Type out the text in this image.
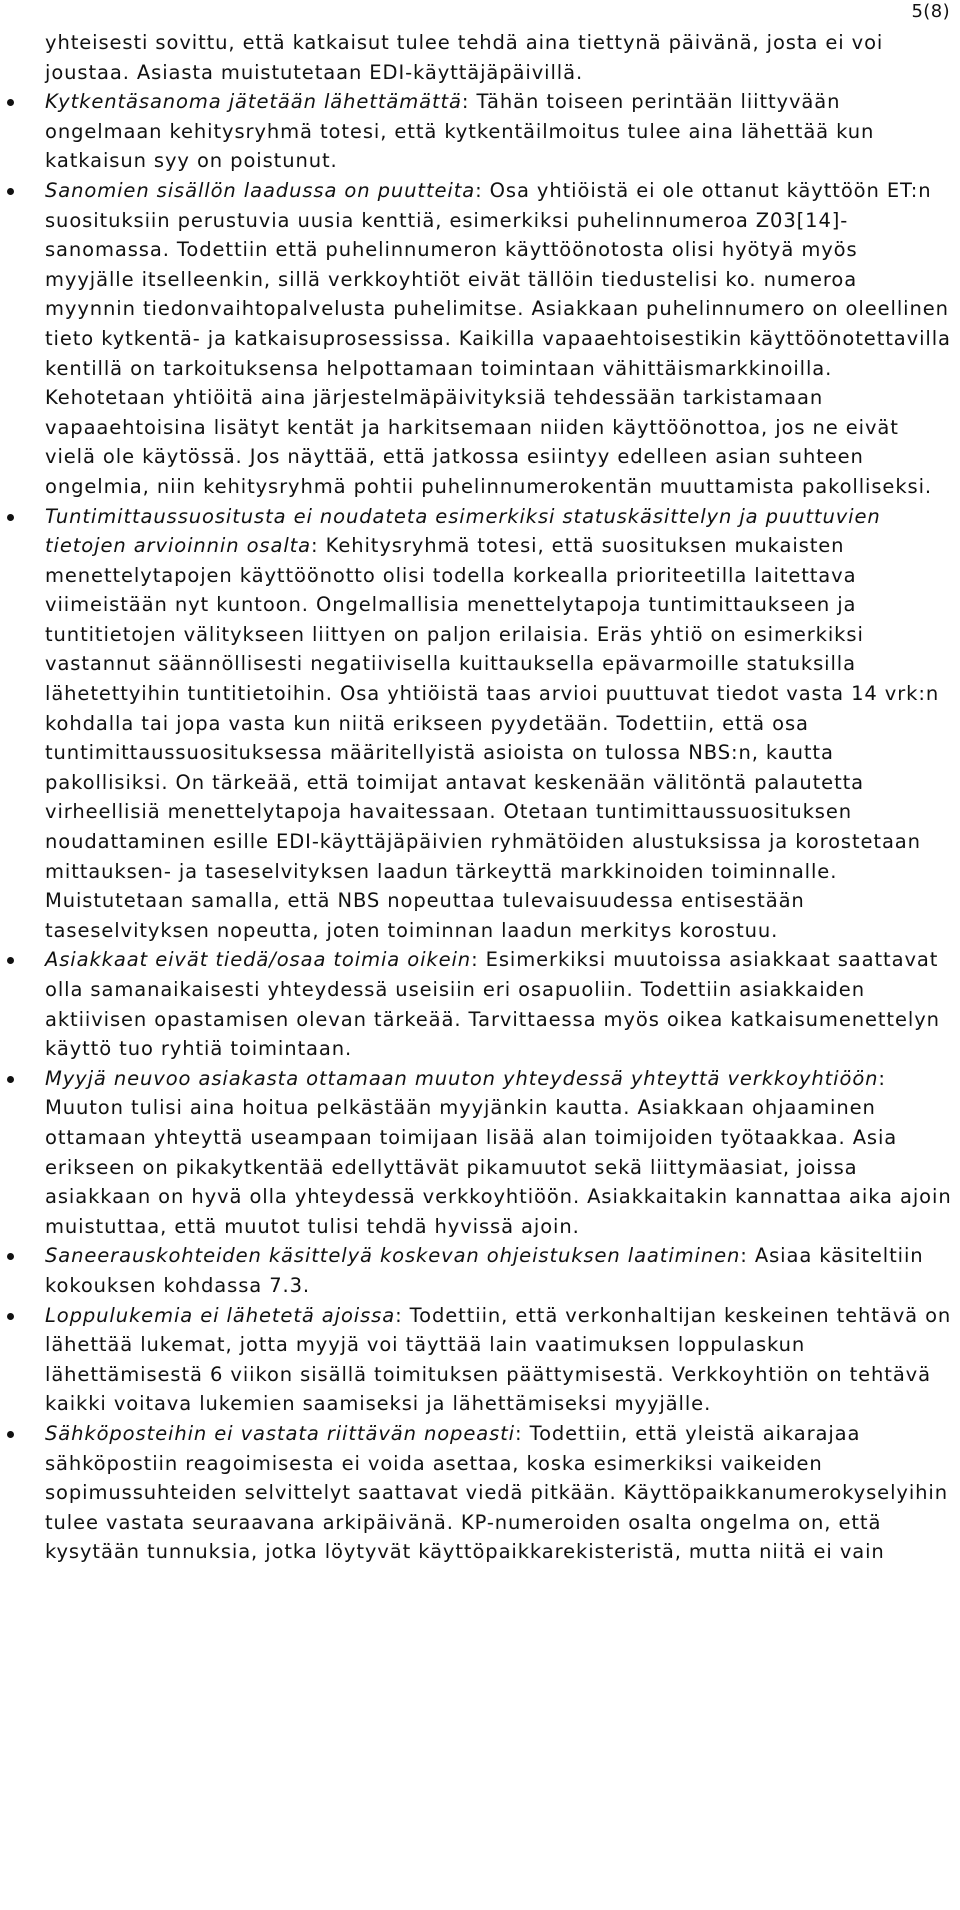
5(8)

yhteisesti sovittu, että katkaisut tulee tehdä aina tiettynä päivänä, josta ei voi joustaa. Asiasta muistutetaan EDI-käyttäjäpäivillä.

Kytkentäsanoma jätetään lähettämättä: Tähän toiseen perintään liittyvään ongelmaan kehitysryhmä totesi, että kytkentäilmoitus tulee aina lähettää kun katkaisun syy on poistunut.
Sanomien sisällön laadussa on puutteita: Osa yhtiöistä ei ole ottanut käyttöön ET:n suosituksiin perustuvia uusia kenttiä, esimerkiksi puhelinnumeroa Z03[14]-sanomassa. Todettiin että puhelinnumeron käyttöönotosta olisi hyötyä myös myyjälle itselleenkin, sillä verkkoyhtiöt eivät tällöin tiedustelisi ko. numeroa myynnin tiedonvaihtopalvelusta puhelimitse. Asiakkaan puhelinnumero on oleellinen tieto kytkentä- ja katkaisuprosessissa. Kaikilla vapaaehtoisestikin käyttöönotettavilla kentillä on tarkoituksensa helpottamaan toimintaan vähittäismarkkinoilla. Kehotetaan yhtiöitä aina järjestelmäpäivityksiä tehdessään tarkistamaan vapaaehtoisina lisätyt kentät ja harkitsemaan niiden käyttöönottoa, jos ne eivät vielä ole käytössä. Jos näyttää, että jatkossa esiintyy edelleen asian suhteen ongelmia, niin kehitysryhmä pohtii puhelinnumerokentän muuttamista pakolliseksi.
Tuntimittaussuositusta ei noudateta esimerkiksi statuskäsittelyn ja puuttuvien tietojen arvioinnin osalta: Kehitysryhmä totesi, että suosituksen mukaisten menettelytapojen käyttöönotto olisi todella korkealla prioriteetilla laitettava viimeistään nyt kuntoon. Ongelmallisia menettelytapoja tuntimittaukseen ja tuntitietojen välitykseen liittyen on paljon erilaisia. Eräs yhtiö on esimerkiksi vastannut säännöllisesti negatiivisella kuittauksella epävarmoille statuksilla lähetettyihin tuntitietoihin. Osa yhtiöistä taas arvioi puuttuvat tiedot vasta 14 vrk:n kohdalla tai jopa vasta kun niitä erikseen pyydetään. Todettiin, että osa tuntimittaussuosituksessa määritellyistä asioista on tulossa NBS:n, kautta pakollisiksi. On tärkeää, että toimijat antavat keskenään välitöntä palautetta virheellisiä menettelytapoja havaitessaan. Otetaan tuntimittaussuosituksen noudattaminen esille EDI-käyttäjäpäivien ryhmätöiden alustuksissa ja korostetaan mittauksen- ja taseselvityksen laadun tärkeyttä markkinoiden toiminnalle. Muistutetaan samalla, että NBS nopeuttaa tulevaisuudessa entisestään taseselvityksen nopeutta, joten toiminnan laadun merkitys korostuu.
Asiakkaat eivät tiedä/osaa toimia oikein: Esimerkiksi muutoissa asiakkaat saattavat olla samanaikaisesti yhteydessä useisiin eri osapuoliin. Todettiin asiakkaiden aktiivisen opastamisen olevan tärkeää. Tarvittaessa myös oikea katkaisumenettelyn käyttö tuo ryhtiä toimintaan.
Myyjä neuvoo asiakasta ottamaan muuton yhteydessä yhteyttä verkkoyhtiöön: Muuton tulisi aina hoitua pelkästään myyjänkin kautta. Asiakkaan ohjaaminen ottamaan yhteyttä useampaan toimijaan lisää alan toimijoiden työtaakkaa. Asia erikseen on pikakytkentää edellyttävät pikamuutot sekä liittymäasiat, joissa asiakkaan on hyvä olla yhteydessä verkkoyhtiöön. Asiakkaitakin kannattaa aika ajoin muistuttaa, että muutot tulisi tehdä hyvissä ajoin.
Saneerauskohteiden käsittelyä koskevan ohjeistuksen laatiminen: Asiaa käsiteltiin kokouksen kohdassa 7.3.
Loppulukemia ei lähetetä ajoissa: Todettiin, että verkonhaltijan keskeinen tehtävä on lähettää lukemat, jotta myyjä voi täyttää lain vaatimuksen loppulaskun lähettämisestä 6 viikon sisällä toimituksen päättymisestä. Verkkoyhtiön on tehtävä kaikki voitava lukemien saamiseksi ja lähettämiseksi myyjälle.
Sähköposteihin ei vastata riittävän nopeasti: Todettiin, että yleistä aikarajaa sähköpostiin reagoimisesta ei voida asettaa, koska esimerkiksi vaikeiden sopimussuhteiden selvittelyt saattavat viedä pitkään. Käyttöpaikkanumerokyselyihin tulee vastata seuraavana arkipäivänä. KP-numeroiden osalta ongelma on, että kysytään tunnuksia, jotka löytyvät käyttöpaikkarekisteristä, mutta niitä ei vain
